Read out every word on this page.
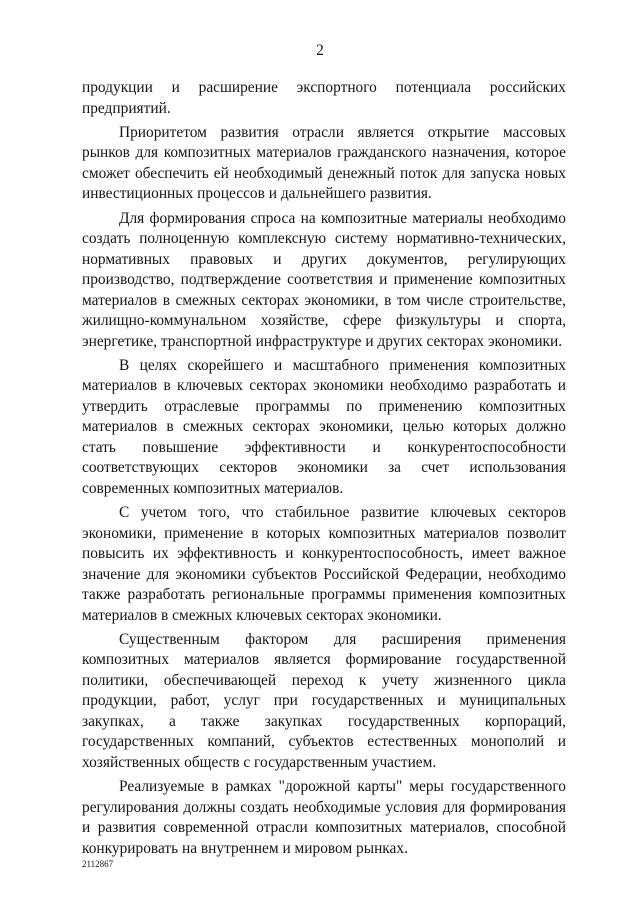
2

продукции и расширение экспортного потенциала российских предприятий.

Приоритетом развития отрасли является открытие массовых рынков для композитных материалов гражданского назначения, которое сможет обеспечить ей необходимый денежный поток для запуска новых инвестиционных процессов и дальнейшего развития.

Для формирования спроса на композитные материалы необходимо создать полноценную комплексную систему нормативно-технических, нормативных правовых и других документов, регулирующих производство, подтверждение соответствия и применение композитных материалов в смежных секторах экономики, в том числе строительстве, жилищно-коммунальном хозяйстве, сфере физкультуры и спорта, энергетике, транспортной инфраструктуре и других секторах экономики.

В целях скорейшего и масштабного применения композитных материалов в ключевых секторах экономики необходимо разработать и утвердить отраслевые программы по применению композитных материалов в смежных секторах экономики, целью которых должно стать повышение эффективности и конкурентоспособности соответствующих секторов экономики за счет использования современных композитных материалов.

С учетом того, что стабильное развитие ключевых секторов экономики, применение в которых композитных материалов позволит повысить их эффективность и конкурентоспособность, имеет важное значение для экономики субъектов Российской Федерации, необходимо также разработать региональные программы применения композитных материалов в смежных ключевых секторах экономики.

Существенным фактором для расширения применения композитных материалов является формирование государственной политики, обеспечивающей переход к учету жизненного цикла продукции, работ, услуг при государственных и муниципальных закупках, а также закупках государственных корпораций, государственных компаний, субъектов естественных монополий и хозяйственных обществ с государственным участием.

Реализуемые в рамках "дорожной карты" меры государственного регулирования должны создать необходимые условия для формирования и развития современной отрасли композитных материалов, способной конкурировать на внутреннем и мировом рынках.

2112867
